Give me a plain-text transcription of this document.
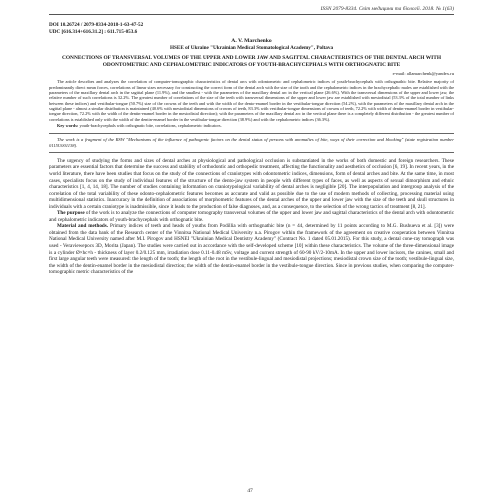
ISSN 2079-8334. Світ медицини та біології. 2018. № 1(63)
DOI 10.26724 / 2079-8334-2018-1-63-47-52
UDC [616.314+616.31.2] : 611.715-053.6
A. V. Marchenko
HSEE of Ukraine "Ukrainian Medical Stomatological Academy", Poltava
CONNECTIONS OF TRANSVERSAL VOLUMES OF THE UPPER AND LOWER JAW AND SAGITTAL CHARACTERISTICS OF THE DENTAL ARCH WITH ODONTOMETRIC AND CEPHALOMETRIC INDICATORS OF YOUTH-BRACHYCEPHALS WITH ORTHOGNATIC BITE
e-mail: allamarchenk@yandex.ru
The article describes and analyzes the correlation of computer-tomographic characteristics of dental arcs with odontometric and cephalometric indices of youth-brachycephals with orthognathic bite. Relative majority of predominantly direct mean forces, correlations of linear sizes necessary for constructing the correct form of the dental arch with the size of the tooth and the cephalometric indices in the brachycephalic males are established with the parameters of the maxillary dental arch in the sagittal plane (11.9%), and the smallest - with the parameters of the maxillary dental arc in the vertical plane (26.6%). With the transversal dimensions of the upper and lower jaw, the relative number of such correlations is 32.2%. The greatest number of correlations of the size of the teeth with transversal dimensions of the upper and lower jaw are established with mesiodistal (53.3% of the total number of links between these indices) and vestibular-tongue (50.7%) size of the crowns of the teeth and with the width of the dento-enamel border in the vestibular-tongue direction (54.2%), with the parameters of the maxillary dental arch in the sagittal plane - almost a similar distribution is maintained (40.6% with mesiodistal dimensions of crowns of teeth, 83.3% with vestibular-tongue dimensions of crowns of teeth, 72.2% with width of dentin-enamel border in vestibular-tongue direction, 72.2% with the width of the dentin-enamel border in the mesiodistal direction); with the parameters of the maxillary dental arc in the vertical plane there is a completely different distribution - the greatest number of correlations is established only with the width of the dentin-enamel border in the vestibular-tongue direction (38.9%) and with the cephalometric indices (36.3%).
Key words: youth-brachycephals with orthognatic bite, correlations, cephalometric indicators.
The work is a fragment of the RSW "Mechanisms of the influence of pathogenic factors on the dental status of persons with anomalies of bite, ways of their correction and blocking" (state registration number 0115U001138).

The urgency of studying the forms and sizes of dental arches at physiological and pathological occlusion is substantiated in the works of both domestic and foreign researchers. These parameters are essential factors that determine the success and stability of orthodontic and orthopedic treatment, affecting the functionality and aesthetics of occlusion [6, 19]. In recent years, in the world literature, there have been studies that focus on the study of the connections of craniotypes with odontometric indices, dimensions, form of dental arches and bite. At the same time, in most cases, specialists focus on the study of individual features of the structure of the dento-jaw system in people with different types of faces, as well as aspects of sexual dimorphism and ethnic characteristics [1, 4, 14, 18]. The number of studies containing information on craniotypological variability of dental arches is negligible [20]. The interpopulation and intergroup analysis of the correlation of the total variability of these odonto-cephalometric features becomes as accurate and valid as possible due to the use of modern methods of collecting, processing material using multidimensional statistics. Inaccuracy in the definition of associations of morphometric features of the dental arches of the upper and lower jaw with the size of the teeth and skull structures in individuals with a certain craniotype is inadmissible, since it leads to the production of false diagnoses, and, as a consequence, to the selection of the wrong tactics of treatment [8, 21].

The purpose of the work is to analyze the connections of computer tomography transversal volumes of the upper and lower jaw and sagittal characteristics of the dental arch with odontometric and cephalometric indicators of youth-brachycephals with orthognatic bite.

Material and methods. Primary indices of teeth and heads of youths from Podillia with orthognathic bite (n = 44, determined by 11 points according to M.G. Bushueva et al. [3]) were obtained from the data bank of the Research center of the Vinnitsa National Medical University n.a. Pirogov within the framework of the agreement on creative cooperation between Vinnitsa National Medical University named after M.I. Pirogov and HSNEI "Ukrainian Medical Dentistry Academy" (Contract No. 1 dated 05.01.2015). For this study, a dental cone-ray tomograph was used - Veraviewepocs 3D, Morita (Japan). The studies were carried out in accordance with the self-developed scheme [10] within these characteristics. The volume of the three-dimensional image is a cylinder Ø×hc×h - thickness of layer 0.2/0.125 mm, irradiation dose 0.11-0.48 mSv, voltage and current strength of 60-90 kV/2-10mA. In the upper and lower incisors, the canines, small and first large angular teeth were measured: the length of the tooth; the length of the root in the vestibule-lingual and mesiodistal projections; mesiodistal crown size of the tooth; vestibule-lingual size, the width of the dentin-enamel border in the mesiodistal direction; the width of the dentin-enamel border in the vestibule-tongue direction. Since in previous studies, when comparing the computer-tomographic metric characteristics of the

47
